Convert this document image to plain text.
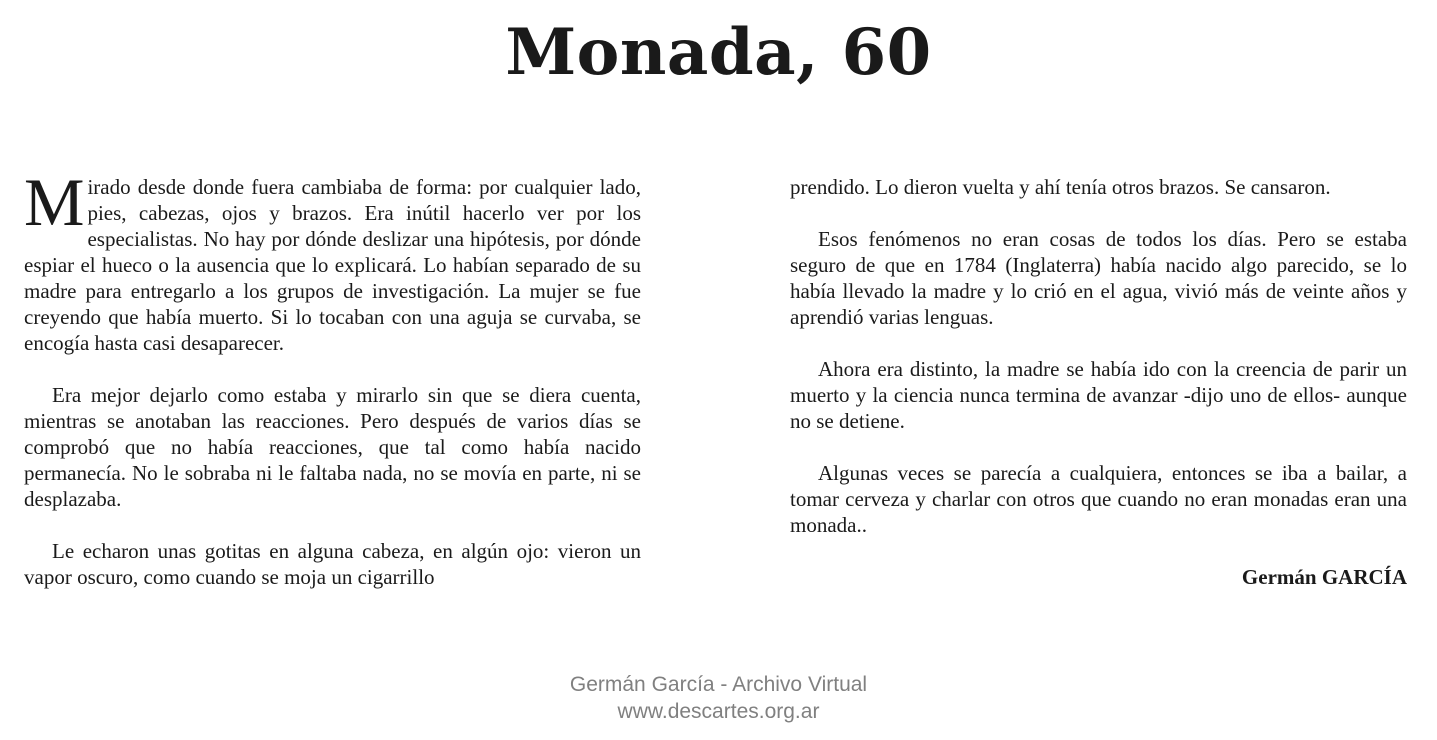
Monada, 60

Mirado desde donde fuera cambiaba de forma: por cualquier lado, pies, cabezas, ojos y brazos. Era inútil hacerlo ver por los especialistas. No hay por dónde deslizar una hipótesis, por dónde espiar el hueco o la ausencia que lo explicará. Lo habían separado de su madre para entregarlo a los grupos de investigación. La mujer se fue creyendo que había muerto. Si lo tocaban con una aguja se curvaba, se encogía hasta casi desaparecer.

Era mejor dejarlo como estaba y mirarlo sin que se diera cuenta, mientras se anotaban las reacciones. Pero después de varios días se comprobó que no había reacciones, que tal como había nacido permanecía. No le sobraba ni le faltaba nada, no se movía en parte, ni se desplazaba.

Le echaron unas gotitas en alguna cabeza, en algún ojo: vieron un vapor oscuro, como cuando se moja un cigarrillo

prendido. Lo dieron vuelta y ahí tenía otros brazos. Se cansaron.

Esos fenómenos no eran cosas de todos los días. Pero se estaba seguro de que en 1784 (Inglaterra) había nacido algo parecido, se lo había llevado la madre y lo crió en el agua, vivió más de veinte años y aprendió varias lenguas.

Ahora era distinto, la madre se había ido con la creencia de parir un muerto y la ciencia nunca termina de avanzar -dijo uno de ellos- aunque no se detiene.

Algunas veces se parecía a cualquiera, entonces se iba a bailar, a tomar cerveza y charlar con otros que cuando no eran monadas eran una monada..

Germán GARCÍA

Germán García - Archivo Virtual
www.descartes.org.ar
